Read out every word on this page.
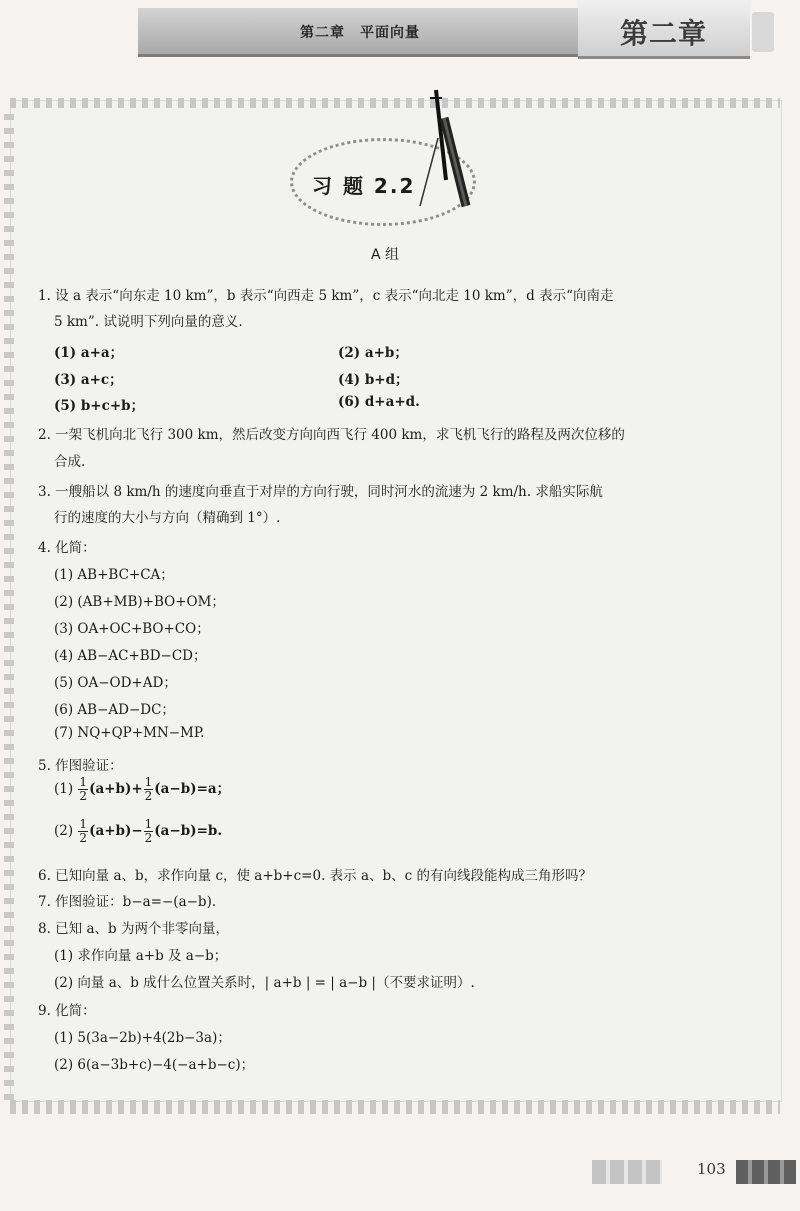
第二章　平面向量	第二章
习 题 2.2
A 组
1. 设 a 表示“向东走 10 km”，b 表示“向西走 5 km”，c 表示“向北走 10 km”，d 表示“向南走
5 km”. 试说明下列向量的意义.
(1) a+a；	(2) a+b；
(3) a+c；	(4) b+d；
(5) b+c+b；	(6) d+a+d.
2. 一架飞机向北飞行 300 km，然后改变方向向西飞行 400 km，求飞机飞行的路程及两次位移的
合成.
3. 一艘船以 8 km/h 的速度向垂直于对岸的方向行驶，同时河水的流速为 2 km/h. 求船实际航
行的速度的大小与方向（精确到 1°）.
4. 化简：
(1) AB+BC+CA；
(2) (AB+MB)+BO+OM；
(3) OA+OC+BO+CO；
(4) AB−AC+BD−CD；
(5) OA−OD+AD；
(6) AB−AD−DC；
(7) NQ+QP+MN−MP.
5. 作图验证：
$(1) \frac{1}{2} (a+b)+ \frac{1}{2} (a-b)=a$；
$(2) \frac{1}{2} (a+b)- \frac{1}{2} (a-b)=b$.
6. 已知向量 a、b，求作向量 c，使 a+b+c=0. 表示 a、b、c 的有向线段能构成三角形吗？
7. 作图验证：b−a=−(a−b).
8. 已知 a、b 为两个非零向量，
(1) 求作向量 a+b 及 a−b；
(2) 向量 a、b 成什么位置关系时，| a+b | = | a−b |（不要求证明）.
9. 化简：
(1) 5(3a−2b)+4(2b−3a)；
(2) 6(a−3b+c)−4(−a+b−c)；
103
